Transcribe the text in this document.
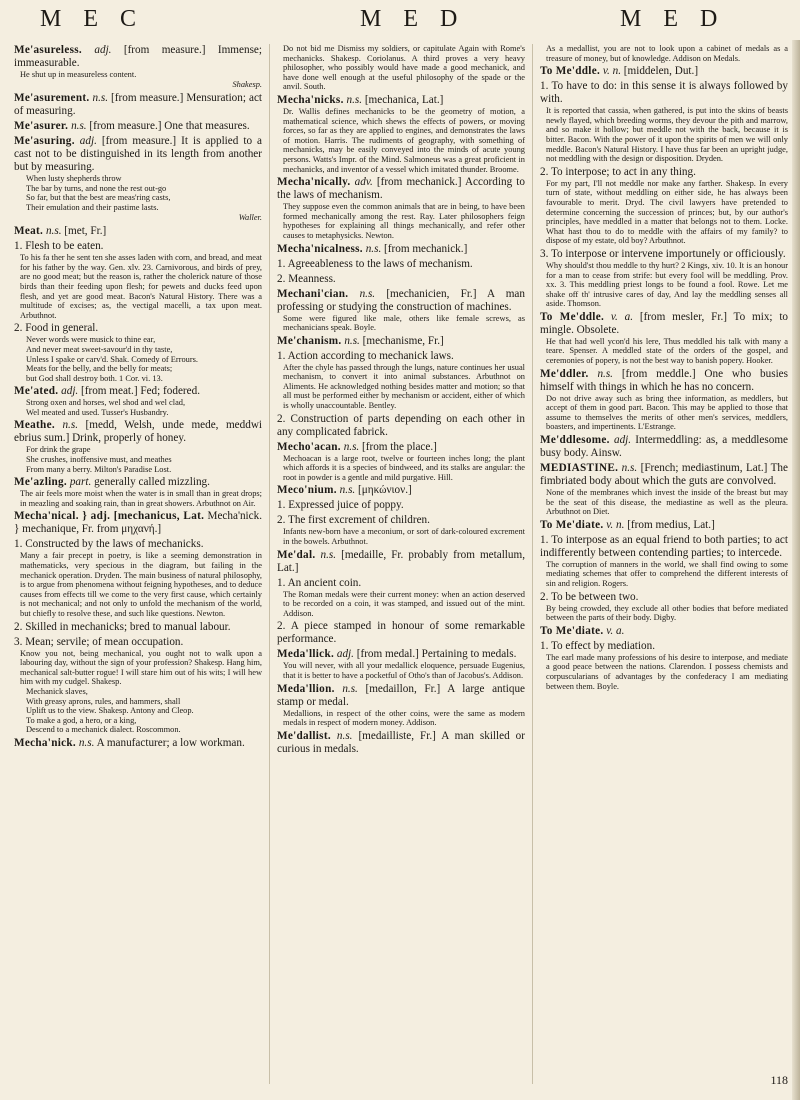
M E C	M E D	M E D
Me'asureless. adj. [from measure.] Immense; immeasurable.
He shut up in measureless content.
Shakesp.
Me'asurement. n.s. [from measure.] Mensuration; act of measuring.
Me'asurer. n.s. [from measure.] One that measures.
Me'asuring. adj. [from measure.] It is applied to a cast not to be distinguished in its length from another but by measuring.
When lusty shepherds throw
The bar by turns, and none the rest out-go
So far, but that the best are meas'ring casts,
Their emulation and their pastime lasts.
Waller.
Meat. n.s. [met, Fr.]
1. Flesh to be eaten.
To his fa ther he sent ten she asses laden with corn, and bread, and meat for his father by the way. Gen. xlv. 23. Carnivorous, and birds of prey, are no good meat; but the reason is, rather the cholerick nature of those birds than their feeding upon flesh; for pewets and ducks feed upon flesh, and yet are good meat. Bacon's Natural History. There was a multitude of excises; as, the vectigal macelli, a tax upon meat. Arbuthnot.
2. Food in general.
Never words were musick to thine ear,
And never meat sweet-savour'd in thy taste,
Unless I spake or carv'd. Shak. Comedy of Errours.
Meats for the belly, and the belly for meats;
but God shall destroy both. 1 Cor. vi. 13.
Me'ated. adj. [from meat.] Fed; fodered.
Strong oxen and horses, wel shod and wel clad,
Wel meated and used. Tusser's Husbandry.
Meathe. n.s. [medd, Welsh, unde mede, meddwi ebrius sum.] Drink, properly of honey.
For drink the grape
She crushes, inoffensive must, and meathes
From many a berry. Milton's Paradise Lost.
Me'azling. part. generally called mizzling.
The air feels more moist when the water is in small than in great drops; in meazling and soaking rain, than in great showers. Arbuthnot on Air.
Mecha'nical. } adj. [mechanicus, Lat. Mecha'nick. } mechanique, Fr. from μηχανή.]
1. Constructed by the laws of mechanicks.
Many a fair precept in poetry, is like a seeming demonstration in mathematicks, very specious in the diagram, but failing in the mechanick operation. Dryden. The main business of natural philosophy, is to argue from phenomena without feigning hypotheses, and to deduce causes from effects till we come to the very first cause, which certainly is not mechanical; and not only to unfold the mechanism of the world, but chiefly to resolve these, and such like questions. Newton.
2. Skilled in mechanicks; bred to manual labour.
3. Mean; servile; of mean occupation.
Know you not, being mechanical, you ought not to walk upon a labouring day, without the sign of your profession? Shakesp. Hang him, mechanical salt-butter rogue! I will stare him out of his wits; I will hew him with my cudgel. Shakesp.
Mechanick slaves,
With greasy aprons, rules, and hammers, shall
Uplift us to the view. Shakesp. Antony and Cleop.
To make a god, a hero, or a king,
Descend to a mechanick dialect. Roscommon.
Mecha'nick. n.s. A manufacturer; a low workman.
Do not bid me Dismiss my soldiers, or capitulate Again with Rome's mechanicks. Shakesp. Coriolanus. A third proves a very heavy philosopher, who possibly would have made a good mechanick, and have done well enough at the useful philosophy of the spade or the anvil. South.
Mecha'nicks. n.s. [mechanica, Lat.]
Dr. Wallis defines mechanicks to be the geometry of motion, a mathematical science, which shews the effects of powers, or moving forces, so far as they are applied to engines, and demonstrates the laws of motion. Harris. The rudiments of geography, with something of mechanicks, may be easily conveyed into the minds of acute young persons. Watts's Impr. of the Mind. Salmoneus was a great proficient in mechanicks, and inventor of a vessel which imitated thunder. Broome.
Mecha'nically. adv. [from mechanick.] According to the laws of mechanism.
They suppose even the common animals that are in being, to have been formed mechanically among the rest. Ray. Later philosophers feign hypotheses for explaining all things mechanically, and refer other causes to metaphysicks. Newton.
Mecha'nicalness. n.s. [from mechanick.]
1. Agreeableness to the laws of mechanism.
2. Meanness.
Mechani'cian. n.s. [mechanicien, Fr.] A man professing or studying the construction of machines.
Some were figured like male, others like female screws, as mechanicians speak. Boyle.
Me'chanism. n.s. [mechanisme, Fr.]
1. Action according to mechanick laws.
After the chyle has passed through the lungs, nature continues her usual mechanism, to convert it into animal substances. Arbuthnot on Aliments. He acknowledged nothing besides matter and motion; so that all must be performed either by mechanism or accident, either of which is wholly unaccountable. Bentley.
2. Construction of parts depending on each other in any complicated fabrick.
Mecho'acan. n.s. [from the place.]
Mechoacan is a large root, twelve or fourteen inches long; the plant which affords it is a species of bindweed, and its stalks are angular: the root in powder is a gentle and mild purgative. Hill.
Meco'nium. n.s. [μηκώνιον.]
1. Expressed juice of poppy.
2. The first excrement of children.
Infants new-born have a meconium, or sort of dark-coloured excrement in the bowels. Arbuthnot.
Me'dal. n.s. [medaille, Fr. probably from metallum, Lat.]
1. An ancient coin.
The Roman medals were their current money: when an action deserved to be recorded on a coin, it was stamped, and issued out of the mint. Addison.
2. A piece stamped in honour of some remarkable performance.
Meda'llick. adj. [from medal.] Pertaining to medals.
You will never, with all your medallick eloquence, persuade Eugenius, that it is better to have a pocketful of Otho's than of Jacobus's. Addison.
Meda'llion. n.s. [medaillon, Fr.] A large antique stamp or medal.
Medallions, in respect of the other coins, were the same as modern medals in respect of modern money. Addison.
Me'dallist. n.s. [medailliste, Fr.] A man skilled or curious in medals.
As a medallist, you are not to look upon a cabinet of medals as a treasure of money, but of knowledge. Addison on Medals.
To Me'ddle. v. n. [middelen, Dut.]
1. To have to do: in this sense it is always followed by with.
It is reported that cassia, when gathered, is put into the skins of beasts newly flayed, which breeding worms, they devour the pith and marrow, and so make it hollow; but meddle not with the back, because it is bitter. Bacon. With the power of it upon the spirits of men we will only meddle. Bacon's Natural History. I have thus far been an upright judge, not meddling with the design or disposition. Dryden.
2. To interpose; to act in any thing.
For my part, I'll not meddle nor make any farther. Shakesp. In every turn of state, without meddling on either side, he has always been favourable to merit. Dryd. The civil lawyers have pretended to determine concerning the succession of princes; but, by our author's principles, have meddled in a matter that belongs not to them. Locke. What hast thou to do to meddle with the affairs of my family? to dispose of my estate, old boy? Arbuthnot.
3. To interpose or intervene importunely or officiously.
Why should'st thou meddle to thy hurt? 2 Kings, xiv. 10. It is an honour for a man to cease from strife: but every fool will be meddling. Prov. xx. 3. This meddling priest longs to be found a fool. Rowe. Let me shake off th' intrusive cares of day, And lay the meddling senses all aside. Thomson.
To Me'ddle. v. a. [from mesler, Fr.] To mix; to mingle. Obsolete.
He that had well ycon'd his lere, Thus meddled his talk with many a teare. Spenser. A meddled state of the orders of the gospel, and ceremonies of popery, is not the best way to banish popery. Hooker.
Me'ddler. n.s. [from meddle.] One who busies himself with things in which he has no concern.
Do not drive away such as bring thee information, as meddlers, but accept of them in good part. Bacon. This may be applied to those that assume to themselves the merits of other men's services, meddlers, boasters, and impertinents. L'Estrange.
Me'ddlesome. adj. Intermeddling: as, a meddlesome busy body. Ainsw.
MEDIASTINE. n.s. [French; mediastinum, Lat.] The fimbriated body about which the guts are convolved.
None of the membranes which invest the inside of the breast but may be the seat of this disease, the mediastine as well as the pleura. Arbuthnot on Diet.
To Me'diate. v. n. [from medius, Lat.]
1. To interpose as an equal friend to both parties; to act indifferently between contending parties; to intercede.
The corruption of manners in the world, we shall find owing to some mediating schemes that offer to comprehend the different interests of sin and religion. Rogers.
2. To be between two.
By being crowded, they exclude all other bodies that before mediated between the parts of their body. Digby.
To Me'diate. v. a.
1. To effect by mediation.
The earl made many professions of his desire to interpose, and mediate a good peace between the nations. Clarendon. I possess chemists and corpuscularians of advantages by the confederacy I am mediating between them. Boyle.
118
